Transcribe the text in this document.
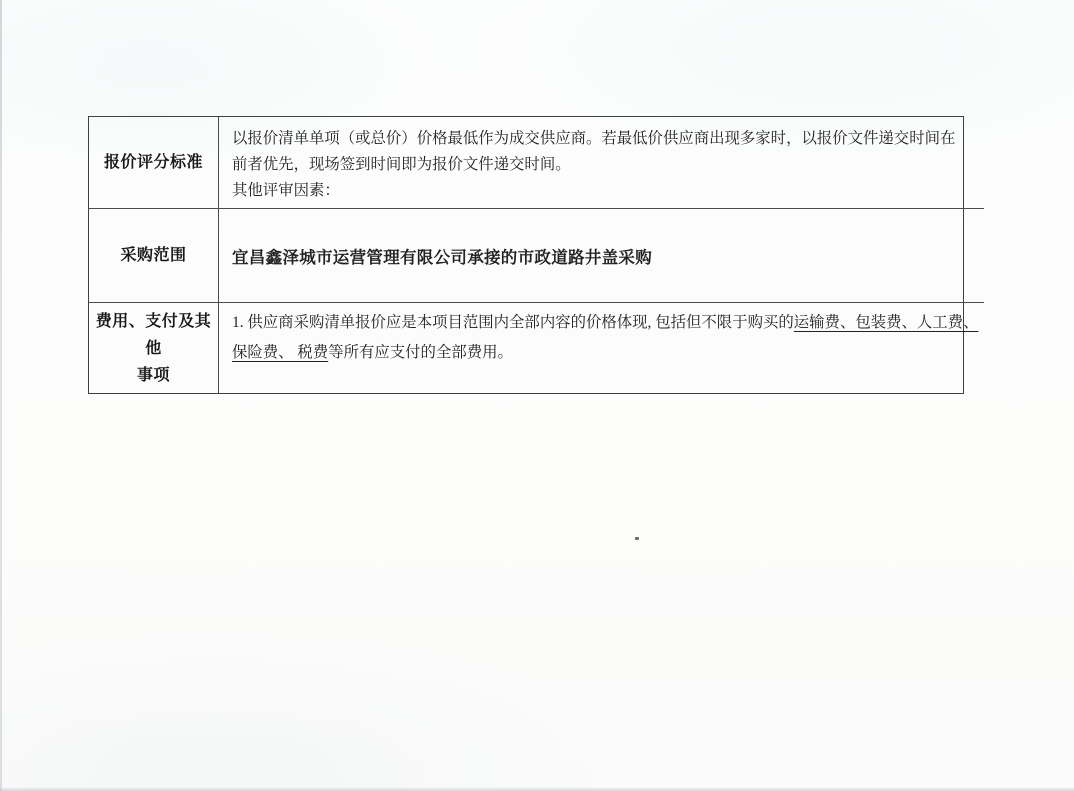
报价评分标准
以报价清单单项（或总价）价格最低作为成交供应商。若最低价供应商出现多家时，以报价文件递交时间在
前者优先，现场签到时间即为报价文件递交时间。
其他评审因素：
采购范围	宜昌鑫泽城市运营管理有限公司承接的市政道路井盖采购
费用、支付及其他
事项
1. 供应商采购清单报价应是本项目范围内全部内容的价格体现, 包括但不限于购买的运输费、包装费、人工费、
保险费、 税费等所有应支付的全部费用。
